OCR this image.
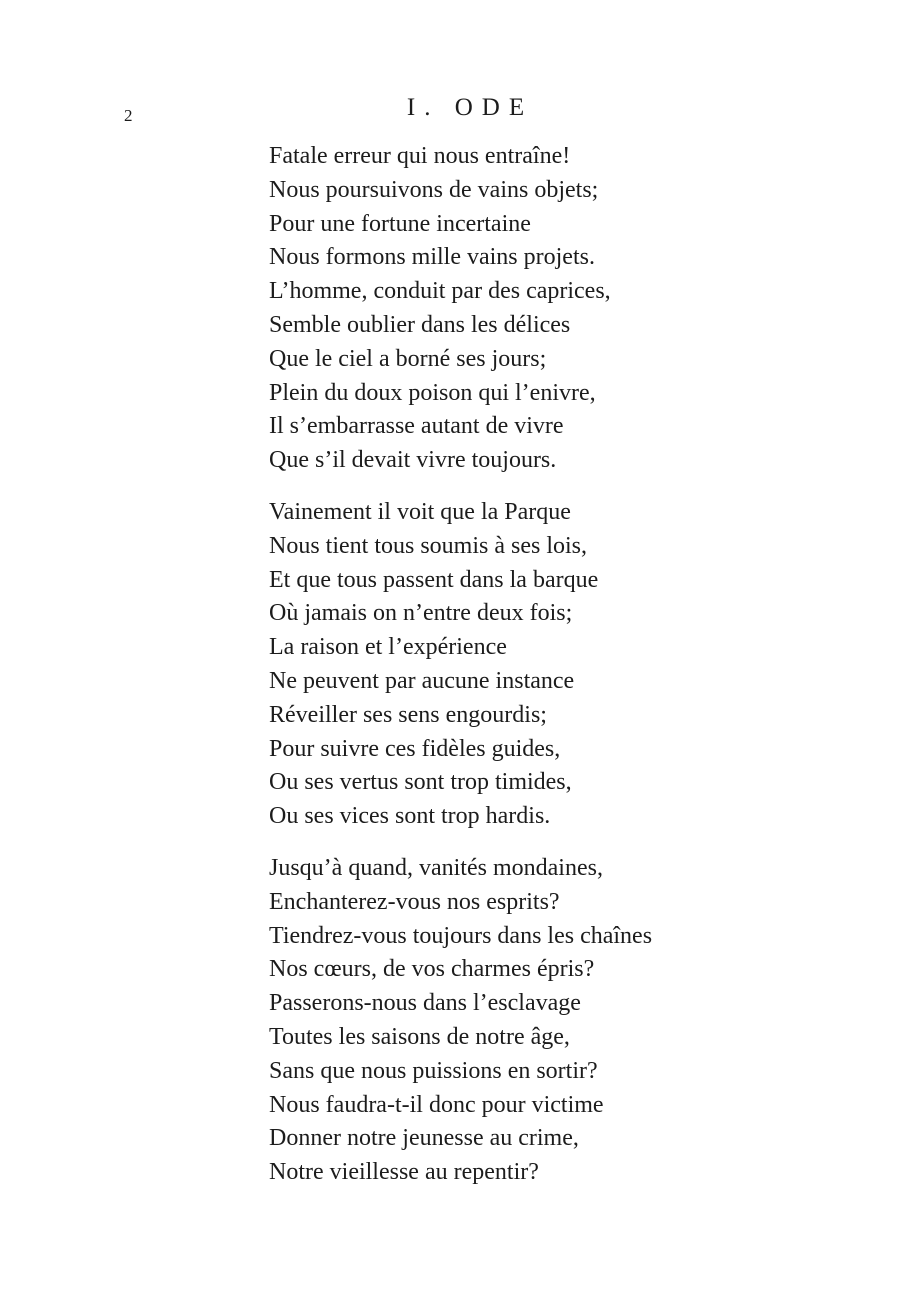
2	I. ODE
Fatale erreur qui nous entraîne!
Nous poursuivons de vains objets;
Pour une fortune incertaine
Nous formons mille vains projets.
L’homme, conduit par des caprices,
Semble oublier dans les délices
Que le ciel a borné ses jours;
Plein du doux poison qui l’enivre,
Il s’embarrasse autant de vivre
Que s’il devait vivre toujours.
Vainement il voit que la Parque
Nous tient tous soumis à ses lois,
Et que tous passent dans la barque
Où jamais on n’entre deux fois;
La raison et l’expérience
Ne peuvent par aucune instance
Réveiller ses sens engourdis;
Pour suivre ces fidèles guides,
Ou ses vertus sont trop timides,
Ou ses vices sont trop hardis.
Jusqu’à quand, vanités mondaines,
Enchanterez-vous nos esprits?
Tiendrez-vous toujours dans les chaînes
Nos cœurs, de vos charmes épris?
Passerons-nous dans l’esclavage
Toutes les saisons de notre âge,
Sans que nous puissions en sortir?
Nous faudra-t-il donc pour victime
Donner notre jeunesse au crime,
Notre vieillesse au repentir?
